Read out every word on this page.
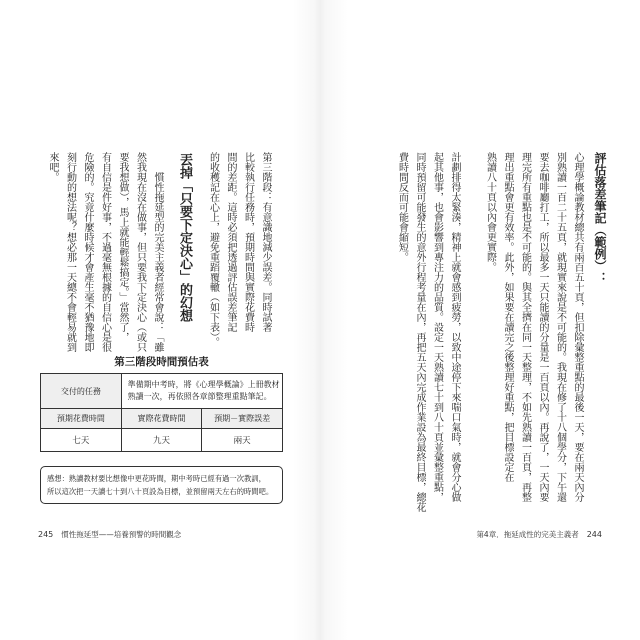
第三階段：有意識地減少誤差。同時試著
比較執行任務時，預期時間與實際花費時
間的差距。這時必須把透過評估誤差筆記
的收穫記在心上，避免重蹈覆轍（如下表）。
丟掉「只要下定決心」的幻想
慣性拖延型的完美主義者經常會說：「雖
然我現在沒在做事，但只要我下定決心（或只
要我想做），馬上就能輕鬆搞定。」當然了，
有自信是件好事，不過毫無根據的自信心是很
危險的。究竟什麼時候才會產生毫不猶豫地即
刻行動的想法呢？想必那一天總不會輕易就到
來吧。
第三階段時間預估表
交付的任務	準備期中考時，將《心理學概論》上冊教材
熟讀一次，再依照各章節整理重點筆記。	

預期花費時間	實際花費時間	預期－實際誤差
七天	九天	兩天
感想：熟讀教材要比想像中更花時間，期中考時已經有過一次教訓，
所以這次把一天讀七十到八十頁設為目標，並預留兩天左右的時間吧。
245 慣性拖延型——培養預警的時間觀念
評估落差筆記（範例）：
心理學概論教材總共有兩百五十頁，但扣除彙整重點的最後一天，要在兩天內分
別熟讀一百二十五頁，就現實來說是不可能的。我現在修了十八個學分，下午還
要去咖啡廳打工，所以最多一天只能讀的分量是一百頁以內。再說了，一天內要
理完所有重點也是不可能的。與其全擠在同一天整理，不如先熟讀一百頁，再整
理出重點會更有效率。此外，如果要在讀完之後整理好重點，把目標設定在
熟讀八十頁以內會更實際。
計劃排得太緊湊，精神上就會感到疲勞，以致中途停下來喘口氣時，就會分心做
起其他事，也會影響到專注力的品質。設定一天熟讀七十到八十頁並彙整重點，
同時預留可能發生的意外行程考量在內，再把五天內完成作業設為最終目標，總花
費時間反而可能會縮短。
第4章．拖延成性的完美主義者 244
